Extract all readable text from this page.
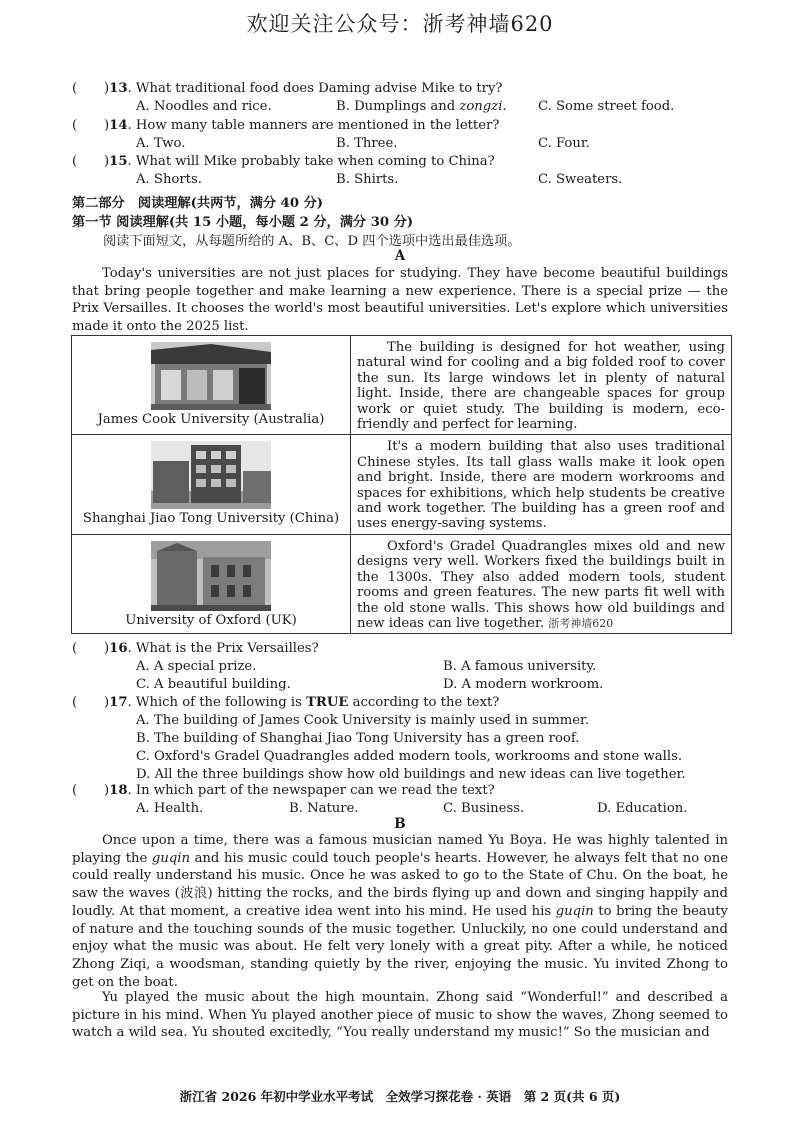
欢迎关注公众号：浙考神墙620
( )13. What traditional food does Daming advise Mike to try?
A. Noodles and rice.	B. Dumplings and zongzi. C. Some street food.
( )14. How many table manners are mentioned in the letter?
A. Two.	B. Three.	C. Four.
( )15. What will Mike probably take when coming to China?
A. Shorts.	B. Shirts.	C. Sweaters.
第二部分　阅读理解(共两节，满分 40 分)
第一节 阅读理解(共 15 小题，每小题 2 分，满分 30 分)
阅读下面短文，从每题所给的 A、B、C、D 四个选项中选出最佳选项。
A
Today's universities are not just places for studying. They have become beautiful buildings that bring people together and make learning a new experience. There is a special prize — the Prix Versailles. It chooses the world's most beautiful universities. Let's explore which universities made it onto the 2025 list.
James Cook University (Australia)	The building is designed for hot weather, using natural wind for cooling and a big folded roof to cover the sun. Its large windows let in plenty of natural light. Inside, there are changeable spaces for group work or quiet study. The building is modern, eco-friendly and perfect for learning.

Shanghai Jiao Tong University (China)	It's a modern building that also uses traditional Chinese styles. Its tall glass walls make it look open and bright. Inside, there are modern workrooms and spaces for exhibitions, which help students be creative and work together. The building has a green roof and uses energy-saving systems.

University of Oxford (UK)	Oxford's Gradel Quadrangles mixes old and new designs very well. Workers fixed the buildings built in the 1300s. They also added modern tools, student rooms and green features. The new parts fit well with the old stone walls. This shows how old buildings and new ideas can live together. 浙考神墙620
( )16. What is the Prix Versailles?
A. A special prize.	B. A famous university.
C. A beautiful building.	D. A modern workroom.
( )17. Which of the following is TRUE according to the text?
A. The building of James Cook University is mainly used in summer.
B. The building of Shanghai Jiao Tong University has a green roof.
C. Oxford's Gradel Quadrangles added modern tools, workrooms and stone walls.
D. All the three buildings show how old buildings and new ideas can live together.
( )18. In which part of the newspaper can we read the text?
A. Health.	B. Nature.	C. Business.	D. Education.
B
Once upon a time, there was a famous musician named Yu Boya. He was highly talented in playing the guqin and his music could touch people's hearts. However, he always felt that no one could really understand his music. Once he was asked to go to the State of Chu. On the boat, he saw the waves (波浪) hitting the rocks, and the birds flying up and down and singing happily and loudly. At that moment, a creative idea went into his mind. He used his guqin to bring the beauty of nature and the touching sounds of the music together. Unluckily, no one could understand and enjoy what the music was about. He felt very lonely with a great pity. After a while, he noticed Zhong Ziqi, a woodsman, standing quietly by the river, enjoying the music. Yu invited Zhong to get on the boat.
Yu played the music about the high mountain. Zhong said “Wonderful!” and described a picture in his mind. When Yu played another piece of music to show the waves, Zhong seemed to watch a wild sea. Yu shouted excitedly, “You really understand my music!” So the musician and
浙江省 2026 年初中学业水平考试　全效学习探花卷 · 英语　第 2 页(共 6 页)
